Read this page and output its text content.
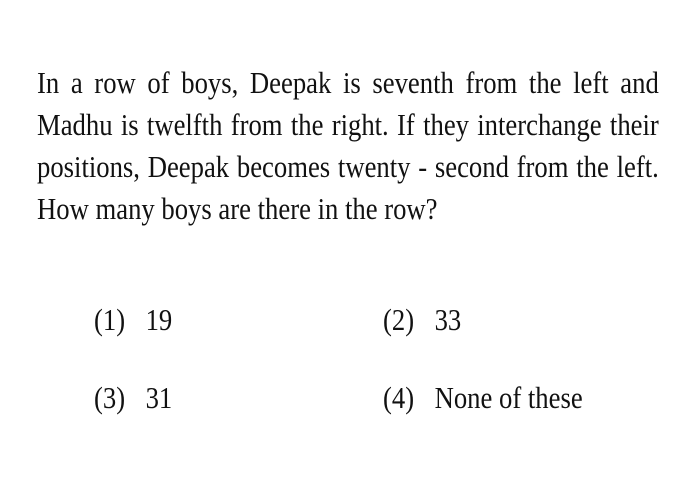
In a row of boys, Deepak is seventh from the left and
Madhu is twelfth from the right. If they interchange their
positions, Deepak becomes twenty - second from the left.
How many boys are there in the row?
(1) 19	(2) 33
(3) 31	(4) None of these
